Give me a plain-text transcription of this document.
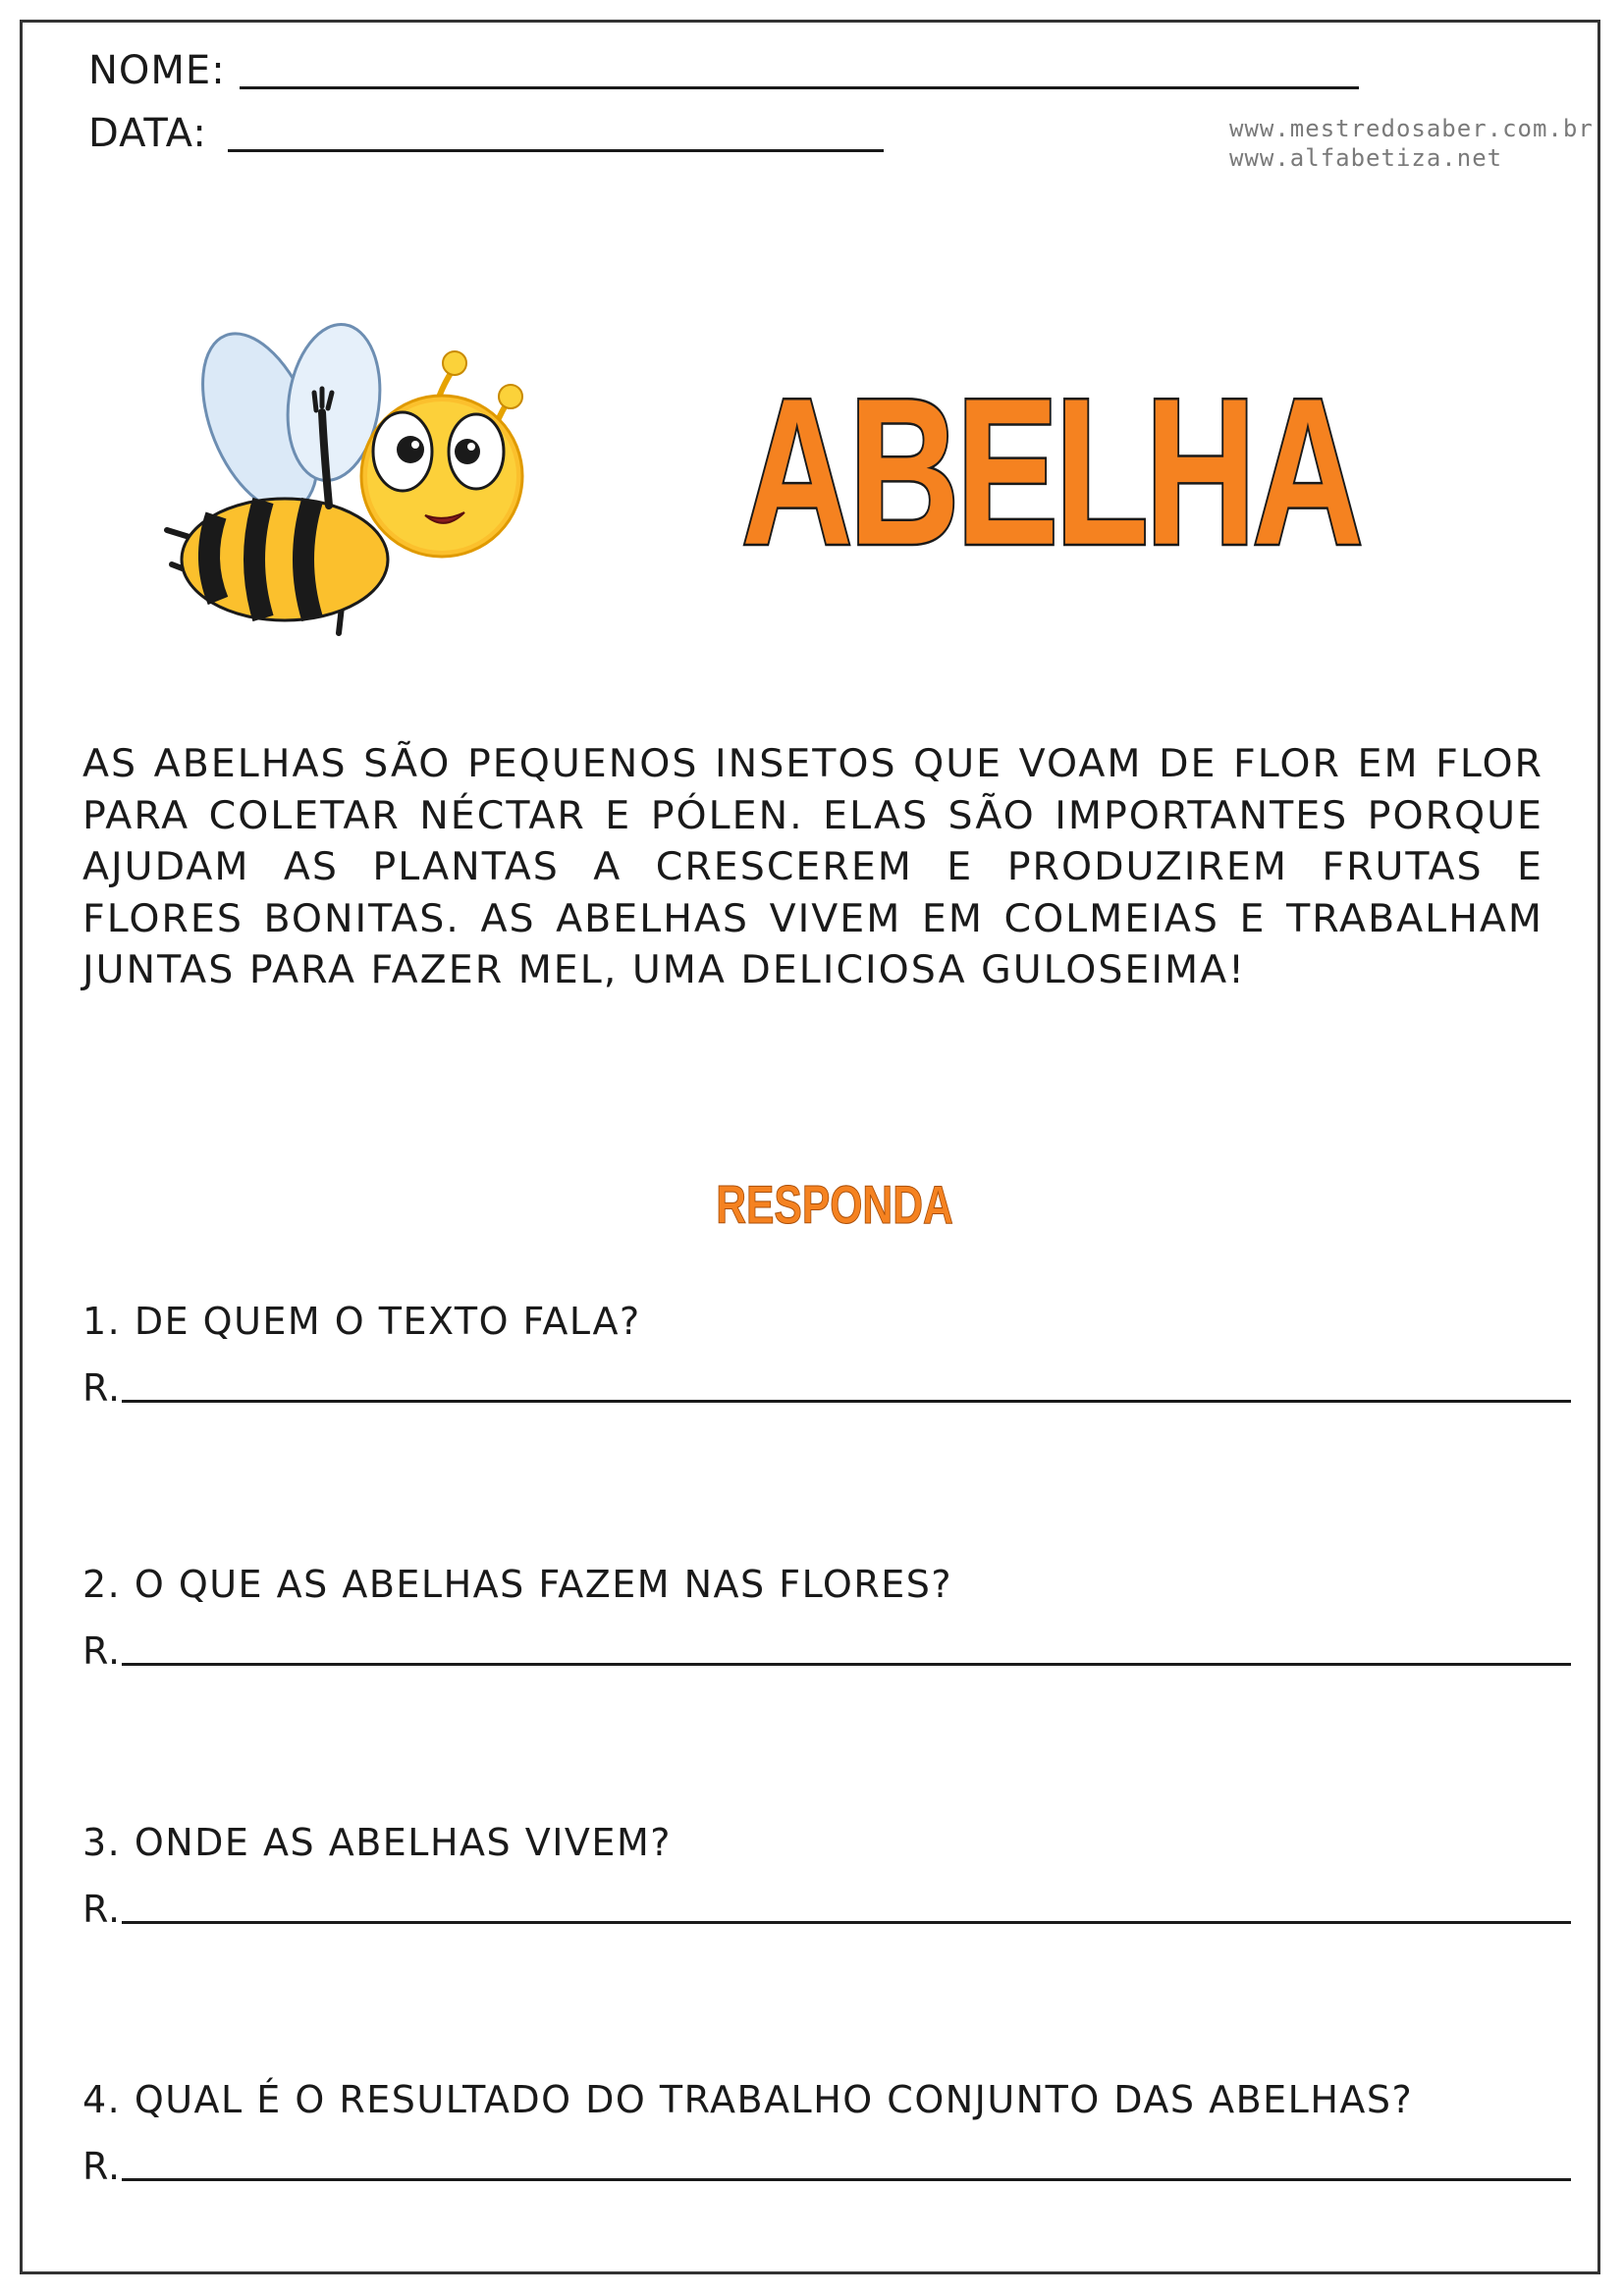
NOME:
DATA:	www.mestredosaber.com.br
www.alfabetiza.net
ABELHA
AS ABELHAS SÃO PEQUENOS INSETOS QUE VOAM DE FLOR EM FLOR PARA COLETAR NÉCTAR E PÓLEN. ELAS SÃO IMPORTANTES PORQUE AJUDAM AS PLANTAS A CRESCEREM E PRODUZIREM FRUTAS E FLORES BONITAS. AS ABELHAS VIVEM EM COLMEIAS E TRABALHAM JUNTAS PARA FAZER MEL, UMA DELICIOSA GULOSEIMA!
RESPONDA
1. DE QUEM O TEXTO FALA?
R.
2. O QUE AS ABELHAS FAZEM NAS FLORES?
R.
3. ONDE AS ABELHAS VIVEM?
R.
4. QUAL É O RESULTADO DO TRABALHO CONJUNTO DAS ABELHAS?
R.
